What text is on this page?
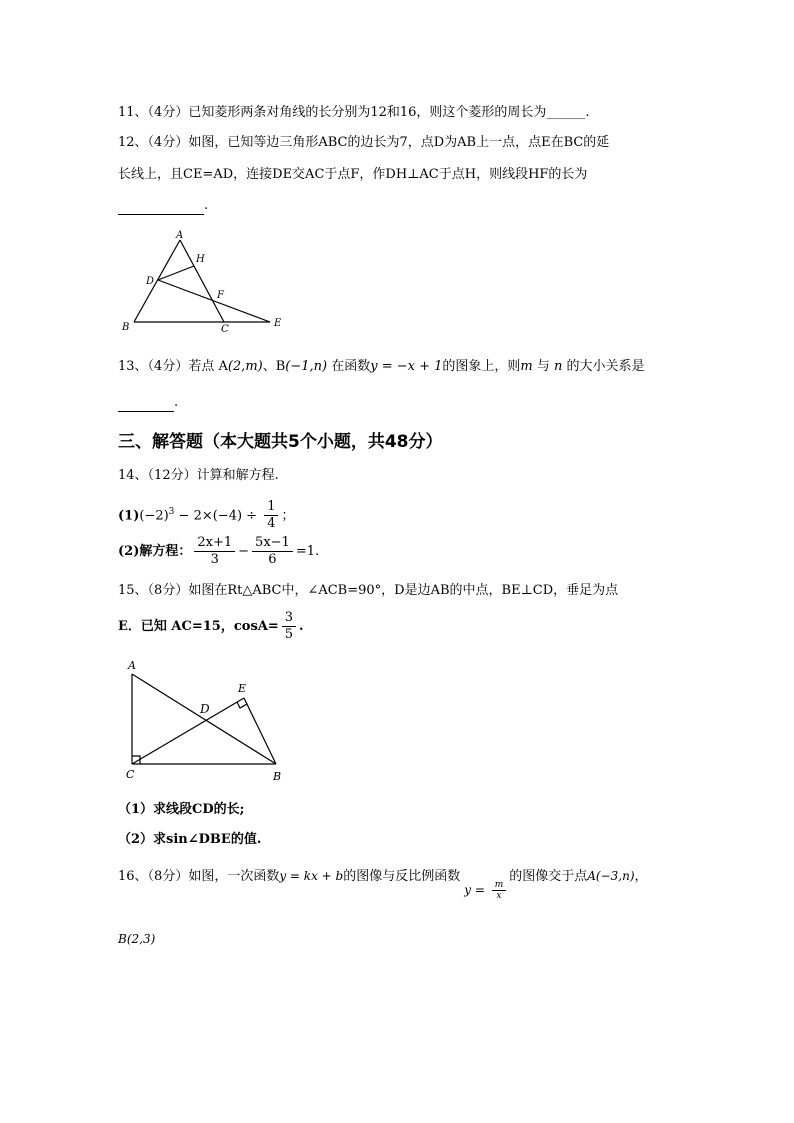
11、（4分）已知菱形两条对角线的长分别为12和16，则这个菱形的周长为______.
12、（4分）如图，已知等边三角形ABC的边长为7，点D为AB上一点，点E在BC的延
长线上，且CE=AD，连接DE交AC于点F，作DH⊥AC于点H，则线段HF的长为
.
A
H
D
F
B	C
E
13、（4分）若点 A(2,m)、B(−1,n) 在函数y = −x + 1的图象上，则m 与 n 的大小关系是
.
三、解答题（本大题共5个小题，共48分）
14、（12分）计算和解方程.
$(1)(-2)^3 - 2\times(-4) \div \frac{1}{4}$ ；
(2)解方程： $\frac{2x+1}{3} - \frac{5x-1}{6} =1$.
15、（8分）如图在Rt△ABC中，∠ACB=90°，D是边AB的中点，BE⊥CD，垂足为点
E．已知 AC=15，$\cos A= \frac{3}{5}$ .
A
E
D
C	B
（1）求线段CD的长;
（2）求sin∠DBE的值.
16、（8分）如图，一次函数y = kx + b的图像与反比例函数$y = \frac{m}{x}$
的图像交于点A(−3,n)，
B(2,3)
